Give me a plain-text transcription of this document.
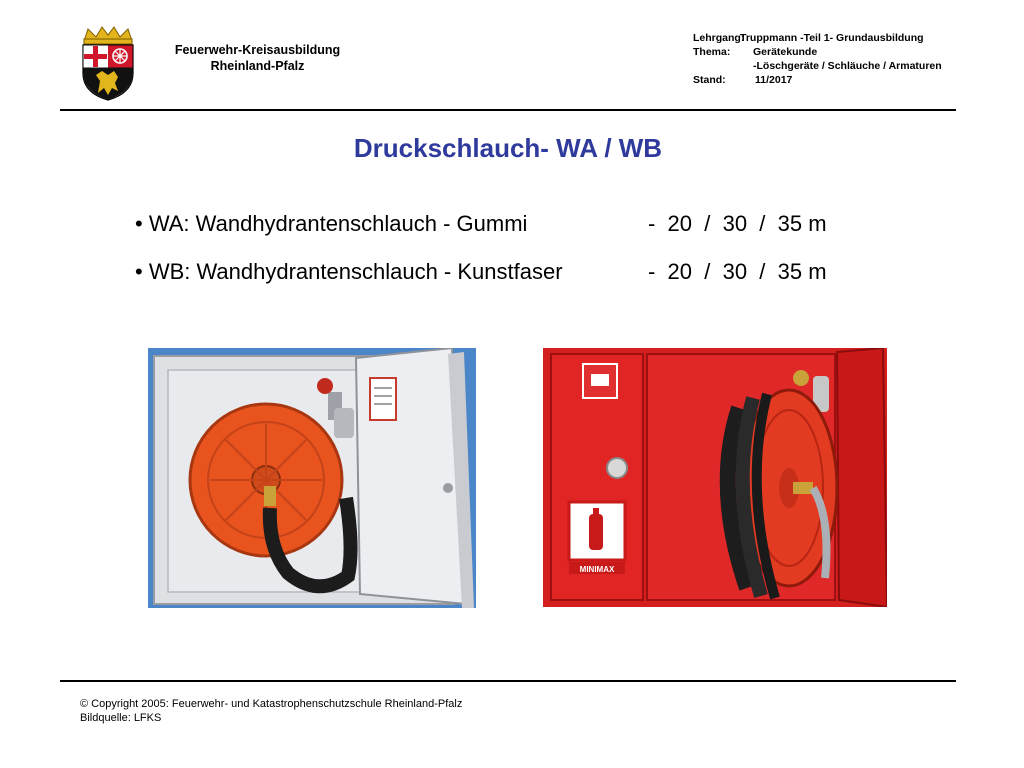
Feuerwehr-Kreisausbildung
Rheinland-Pfalz
Lehrgang:
Truppmann -Teil 1- Grundausbildung
Thema: Gerätekunde
-Löschgeräte / Schläuche / Armaturen
Stand:	11/2017
Druckschlauch- WA / WB
• WA: Wandhydrantenschlauch - Gummi	-  20  /  30  /  35 m
• WB: Wandhydrantenschlauch - Kunstfaser	-  20  /  30  /  35 m
MINIMAX
© Copyright 2005: Feuerwehr- und Katastrophenschutzschule Rheinland-Pfalz
Bildquelle: LFKS
